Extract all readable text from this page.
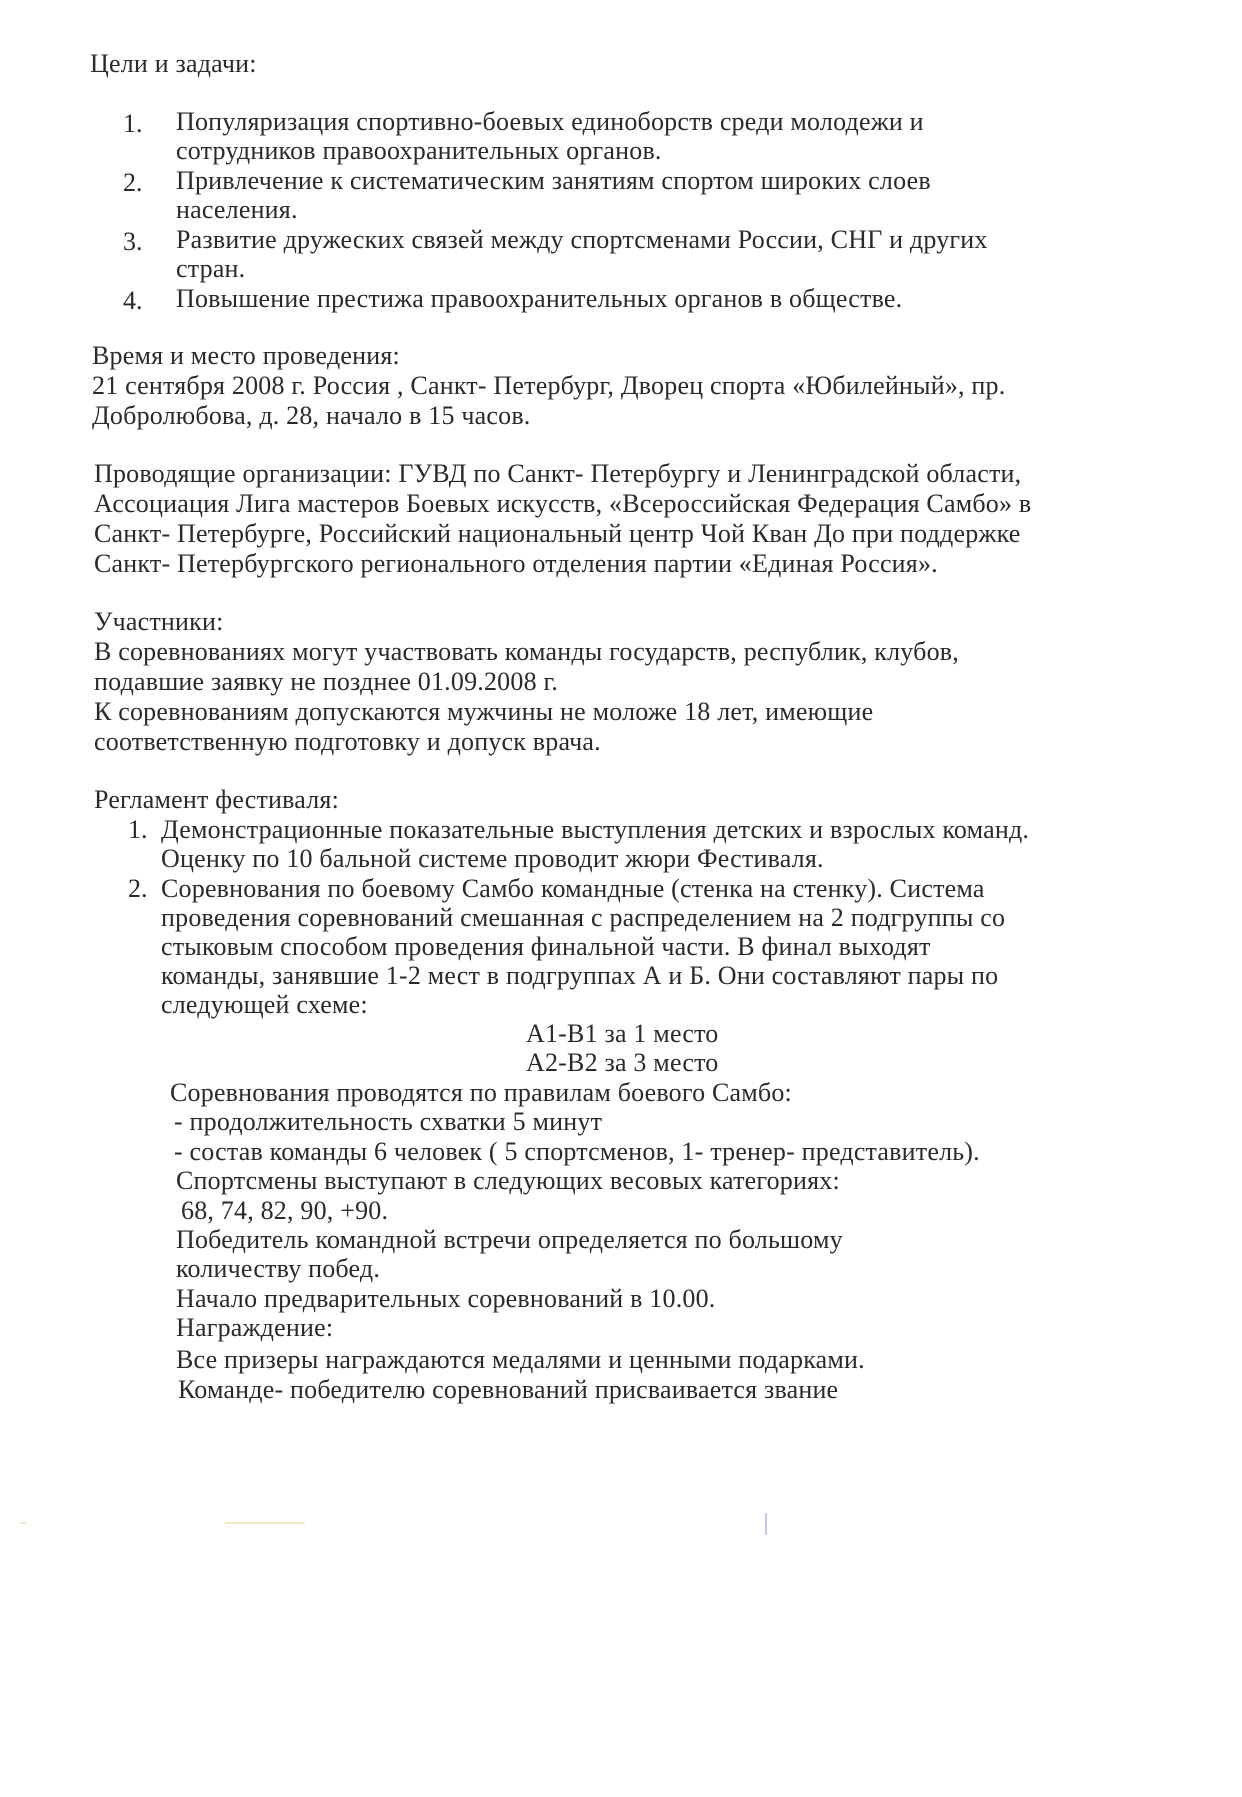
Цели и задачи:
1. Популяризация спортивно-боевых единоборств среди молодежи и
сотрудников правоохранительных органов.
2. Привлечение к систематическим занятиям спортом широких слоев
населения.
3. Развитие дружеских связей между спортсменами России, СНГ и других
стран.
4. Повышение престижа правоохранительных органов в обществе.
Время и место проведения:
21 сентября 2008 г. Россия , Санкт- Петербург, Дворец спорта «Юбилейный», пр.
Добролюбова, д. 28, начало в 15 часов.
Проводящие организации: ГУВД по Санкт- Петербургу и Ленинградской области,
Ассоциация Лига мастеров Боевых искусств, «Всероссийская Федерация Самбо» в
Санкт- Петербурге, Российский национальный центр Чой Кван До при поддержке
Санкт- Петербургского регионального отделения партии «Единая Россия».
Участники:
В соревнованиях могут участвовать команды государств, республик, клубов,
подавшие заявку не позднее 01.09.2008 г.
К соревнованиям допускаются мужчины не моложе 18 лет, имеющие
соответственную подготовку и допуск врача.
Регламент фестиваля:
1. Демонстрационные показательные выступления детских и взрослых команд.
Оценку по 10 бальной системе проводит жюри Фестиваля.
2. Соревнования по боевому Самбо командные (стенка на стенку). Система
проведения соревнований смешанная с распределением на 2 подгруппы со
стыковым способом проведения финальной части. В финал выходят
команды, занявшие 1-2 мест в подгруппах А и Б. Они составляют пары по
следующей схеме:
А1-В1 за 1 место
А2-В2 за 3 место
Соревнования проводятся по правилам боевого Самбо:
- продолжительность схватки 5 минут
- состав команды 6 человек ( 5 спортсменов, 1- тренер- представитель).
Спортсмены выступают в следующих весовых категориях:
68, 74, 82, 90, +90.
Победитель командной встречи определяется по большому
количеству побед.
Начало предварительных соревнований в 10.00.
Награждение:
Все призеры награждаются медалями и ценными подарками.
Команде- победителю соревнований присваивается звание
